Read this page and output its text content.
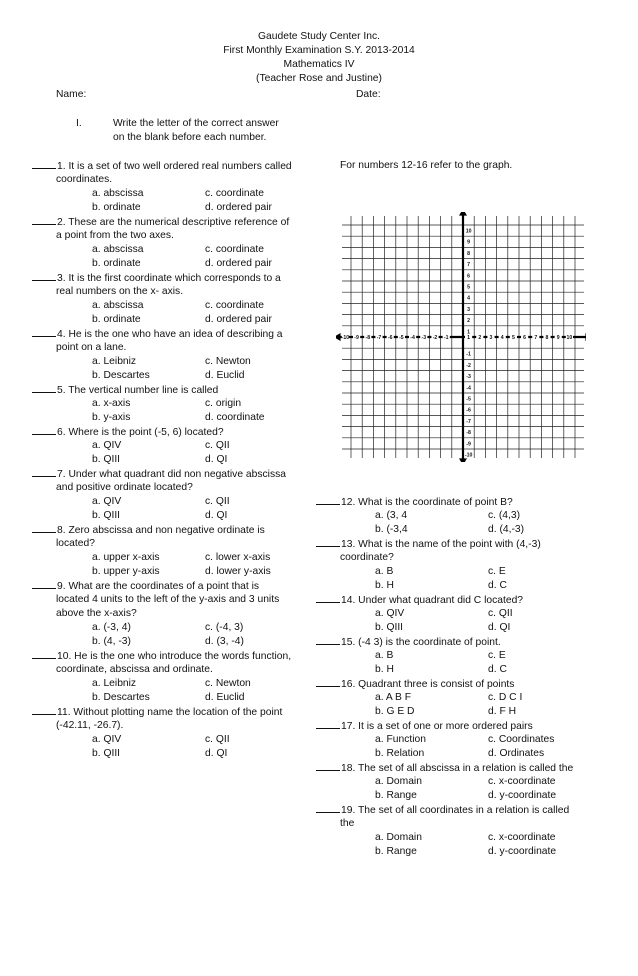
Gaudete Study Center Inc.
First Monthly Examination S.Y. 2013-2014
Mathematics IV
(Teacher Rose and Justine)
Name:	Date:
I.	Write the letter of the correct answer
on the blank before each number.
For numbers 12-16 refer to the graph.
1. It is a set of two well ordered real numbers called
coordinates.
a. abscissa	c. coordinate
b. ordinate	d. ordered pair
2. These are the numerical descriptive reference of
a point from the two axes.
a. abscissa	c. coordinate
b. ordinate	d. ordered pair
3. It is the first coordinate which corresponds to a
real numbers on the x- axis.
a. abscissa	c. coordinate
b. ordinate	d. ordered pair
4. He is the one who have an idea of describing a
point on a lane.
a. Leibniz	c. Newton
b. Descartes	d. Euclid
5. The vertical number line is called
a. x-axis	c. origin
b. y-axis	d. coordinate
6. Where is the point (-5, 6) located?
a. QIV	c. QII
b. QIII	d. QI
7. Under what quadrant did non negative abscissa
and positive ordinate located?
a. QIV	c. QII
b. QIII	d. QI
8. Zero abscissa and non negative ordinate is
located?
a. upper x-axis	c. lower x-axis
b. upper y-axis	d. lower y-axis
9. What are the coordinates of a point that is
located 4 units to the left of the y-axis and 3 units
above the x-axis?
a. (-3, 4)	c. (-4, 3)
b. (4, -3)	d. (3, -4)
10. He is the one who introduce the words function,
coordinate, abscissa and ordinate.
a. Leibniz	c. Newton
b. Descartes	d. Euclid
11. Without plotting name the location of the point
(-42.11, -26.7).
a. QIV	c. QII
b. QIII	d. QI
12. What is the coordinate of point B?
a. (3, 4	c. (4,3)
b. (-3,4	d. (4,-3)
13. What is the name of the point with (4,-3)
coordinate?
a. B	c. E
b. H	d. C
14. Under what quadrant did C located?
a. QIV	c. QII
b. QIII	d. QI
15. (-4 3) is the coordinate of point.
a. B	c. E
b. H	d. C
16. Quadrant three is consist of points
a. A B F	c. D C I
b. G E D	d. F H
17. It is a set of one or more ordered pairs
a. Function	c. Coordinates
b. Relation	d. Ordinates
18. The set of all abscissa in a relation is called the
a. Domain	c. x-coordinate
b. Range	d. y-coordinate
19. The set of all coordinates in a relation is called
the
a. Domain	c. x-coordinate
b. Range	d. y-coordinate
-10 -9 -8 -7 -6 -5 -4 -3 -2 -1	1 2 3 4 5 6 7 8 9 10
10
9
8
7
6
5
4
3
2
1
-1
-2
-3
-4
-5
-6
-7
-8
-9
-10
